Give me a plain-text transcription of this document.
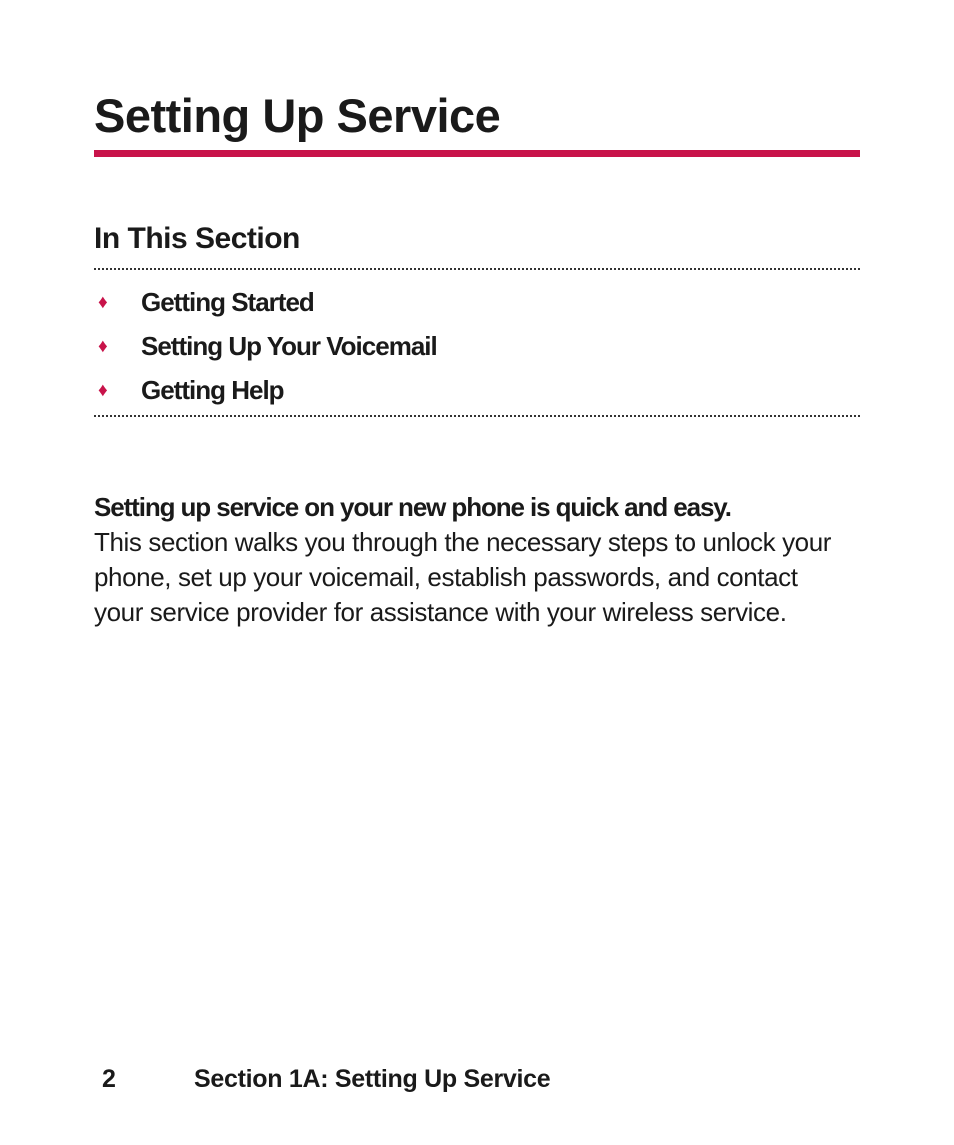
Setting Up Service
In This Section
♦	Getting Started
♦	Setting Up Your Voicemail
♦	Getting Help

Setting up service on your new phone is quick and easy.
This section walks you through the necessary steps to unlock your phone, set up your voicemail, establish passwords, and contact your service provider for assistance with your wireless service.

2	Section 1A: Setting Up Service
